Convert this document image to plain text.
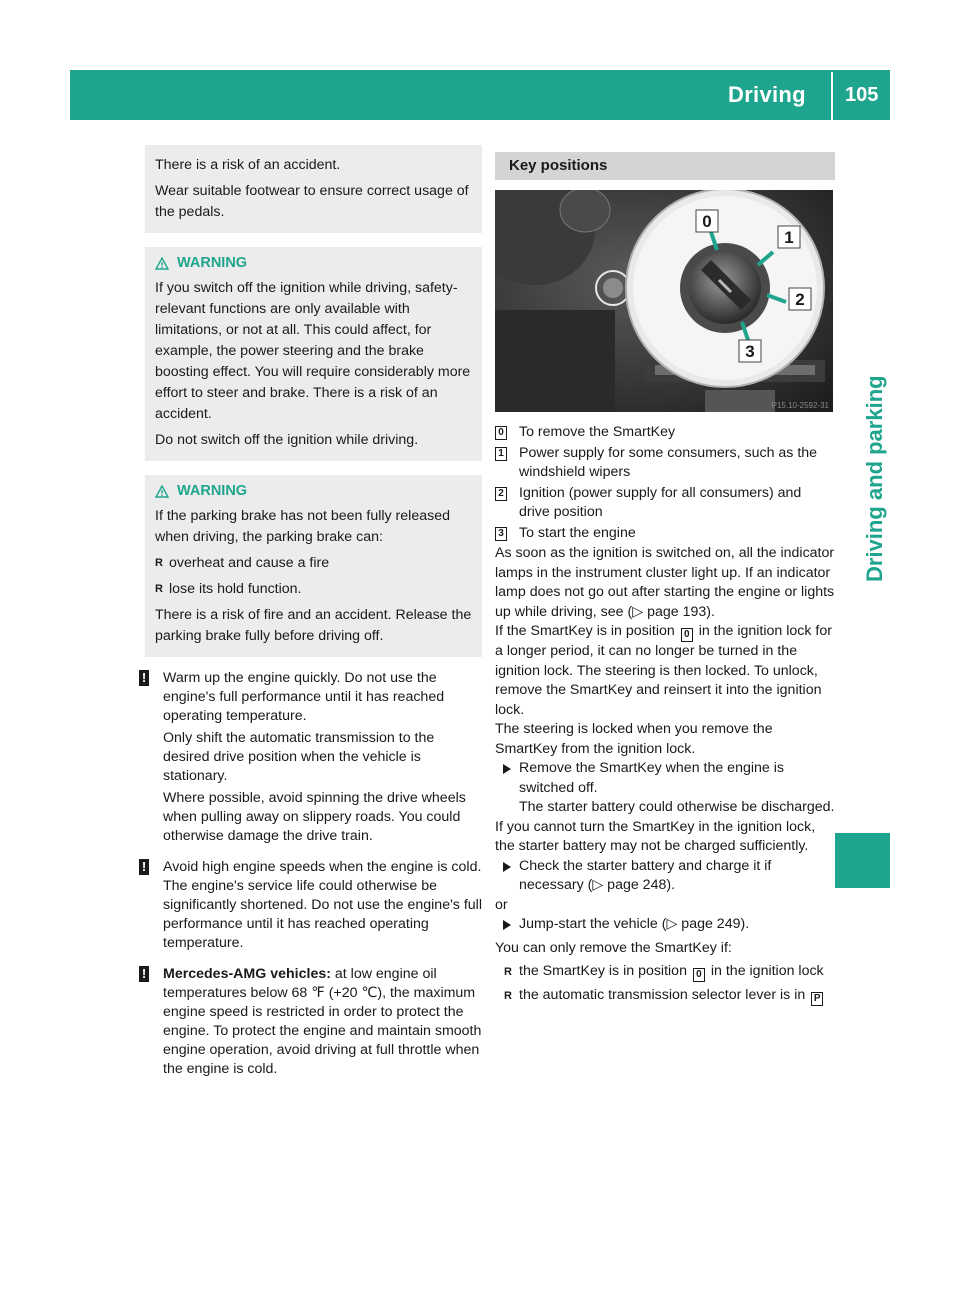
Driving 105
Driving and parking

There is a risk of an accident.

Wear suitable footwear to ensure correct usage of the pedals.

WARNING

If you switch off the ignition while driving, safety-relevant functions are only available with limitations, or not at all. This could affect, for example, the power steering and the brake boosting effect. You will require considerably more effort to steer and brake. There is a risk of an accident.

Do not switch off the ignition while driving.

WARNING

If the parking brake has not been fully released when driving, the parking brake can:

R overheat and cause a fire

R lose its hold function.

There is a risk of fire and an accident. Release the parking brake fully before driving off.

! Warm up the engine quickly. Do not use the engine's full performance until it has reached operating temperature.

Only shift the automatic transmission to the desired drive position when the vehicle is stationary.

Where possible, avoid spinning the drive wheels when pulling away on slippery roads. You could otherwise damage the drive train.

! Avoid high engine speeds when the engine is cold. The engine's service life could otherwise be significantly shortened. Do not use the engine's full performance until it has reached operating temperature.

! Mercedes-AMG vehicles: at low engine oil temperatures below 68 ℉ (+20 ℃), the maximum engine speed is restricted in order to protect the engine. To protect the engine and maintain smooth engine operation, avoid driving at full throttle when the engine is cold.

Key positions
0
1
2
3
P15.10-2592-31
0 To remove the SmartKey
1 Power supply for some consumers, such as the windshield wipers
2 Ignition (power supply for all consumers) and drive position
3 To start the engine

As soon as the ignition is switched on, all the indicator lamps in the instrument cluster light up. If an indicator lamp does not go out after starting the engine or lights up while driving, see (▷ page 193).

If the SmartKey is in position 0 in the ignition lock for a longer period, it can no longer be turned in the ignition lock. The steering is then locked. To unlock, remove the SmartKey and reinsert it into the ignition lock.

The steering is locked when you remove the SmartKey from the ignition lock.

Remove the SmartKey when the engine is switched off.
The starter battery could otherwise be discharged.

If you cannot turn the SmartKey in the ignition lock, the starter battery may not be charged sufficiently.

Check the starter battery and charge it if necessary (▷ page 248).

or

Jump-start the vehicle (▷ page 249).

You can only remove the SmartKey if:

R the SmartKey is in position 0 in the ignition lock
R the automatic transmission selector lever is in P
